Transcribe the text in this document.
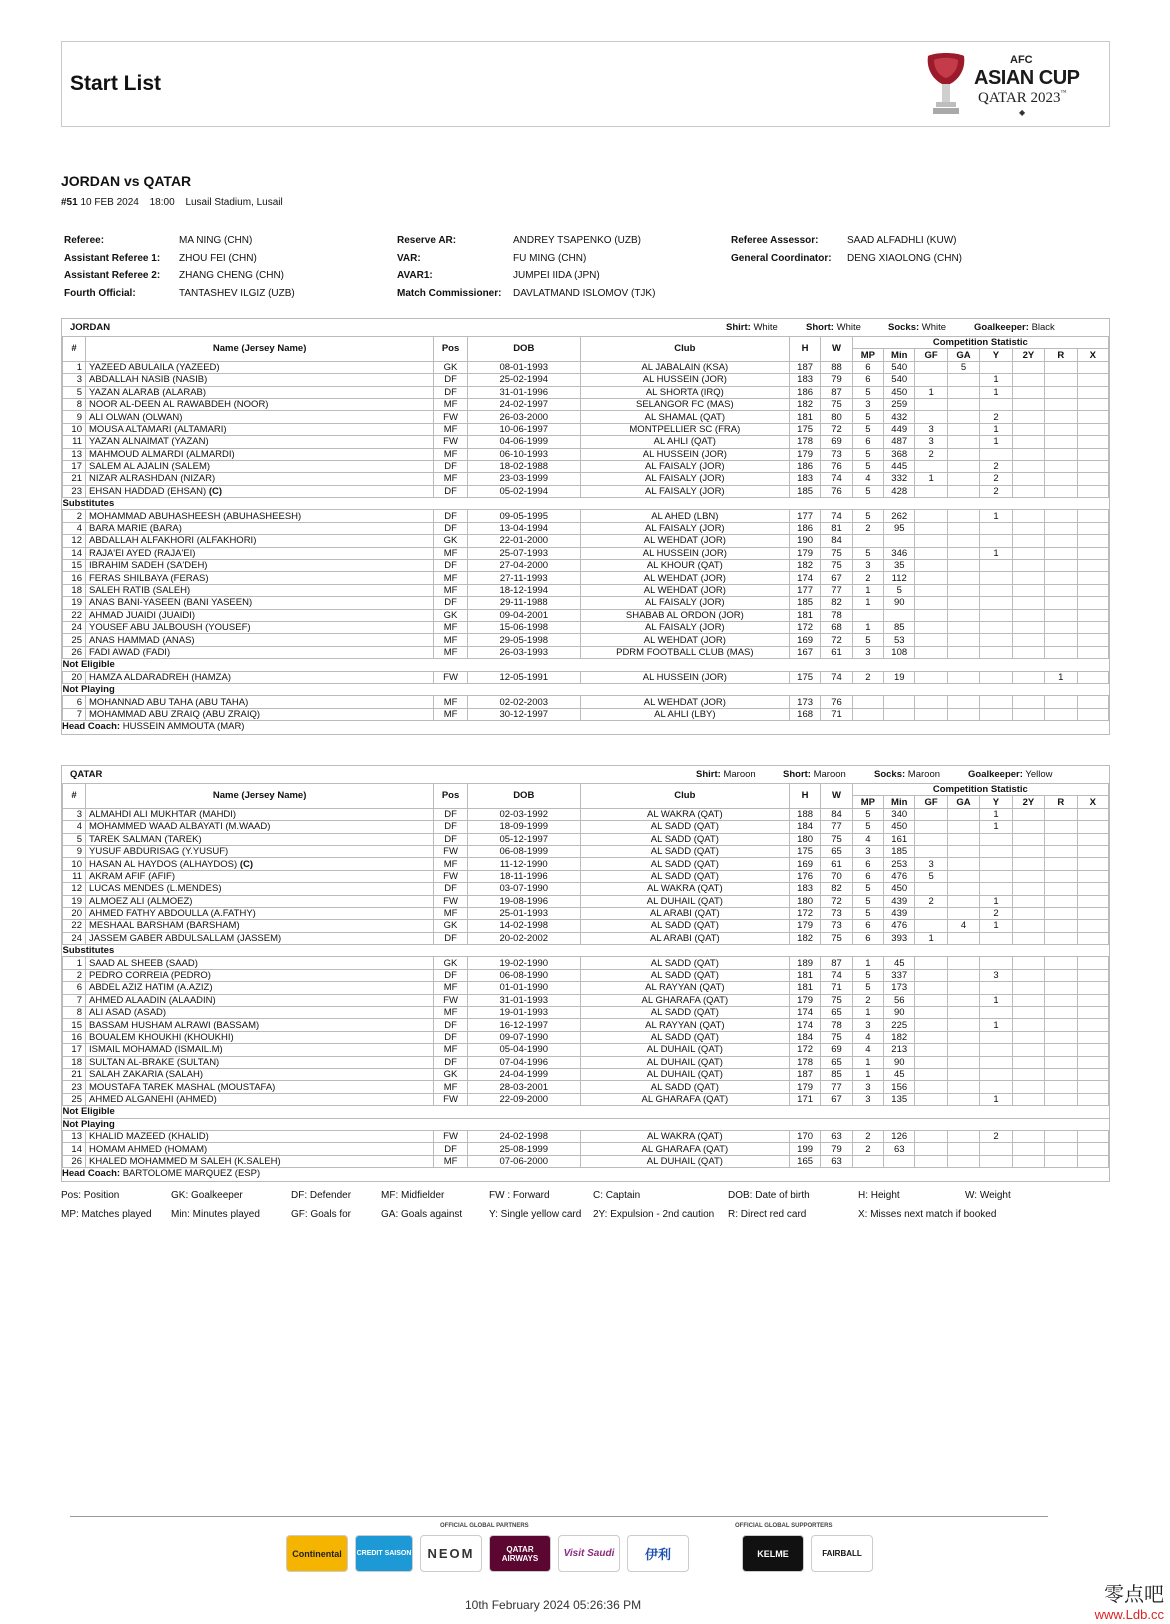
Start List
AFC
ASIAN CUP
QATAR 2023™
◆
JORDAN vs QATAR
#51 10 FEB 2024 18:00 Lusail Stadium, Lusail
Referee:	MA NING (CHN)
Assistant Referee 1: ZHOU FEI (CHN)
Assistant Referee 2: ZHANG CHENG (CHN)
Fourth Official:	TANTASHEV ILGIZ (UZB)
Reserve AR:	ANDREY TSAPENKO (UZB)
VAR:	FU MING (CHN)
AVAR1:	JUMPEI IIDA (JPN)
Match Commissioner: DAVLATMAND ISLOMOV (TJK)
Referee Assessor:	SAAD ALFADHLI (KUW)
General Coordinator: DENG XIAOLONG (CHN)
JORDAN	Shirt: White	Short: White	Socks: White	Goalkeeper: Black
#	Name (Jersey Name)	Pos	DOB	Club	H	W	Competition Statistic							
							MP	Min	GF	GA	Y	2Y	R	X
1	YAZEED ABULAILA (YAZEED)	GK	08-01-1993	AL JABALAIN (KSA)	187	88	6	540		5				
3	ABDALLAH NASIB (NASIB)	DF	25-02-1994	AL HUSSEIN (JOR)	183	79	6	540			1			
5	YAZAN ALARAB (ALARAB)	DF	31-01-1996	AL SHORTA (IRQ)	186	87	5	450	1		1			
8	NOOR AL-DEEN AL RAWABDEH (NOOR)	MF	24-02-1997	SELANGOR FC (MAS)	182	75	3	259						
9	ALI OLWAN (OLWAN)	FW	26-03-2000	AL SHAMAL (QAT)	181	80	5	432			2			
10	MOUSA ALTAMARI (ALTAMARI)	MF	10-06-1997	MONTPELLIER SC (FRA)	175	72	5	449	3		1			
11	YAZAN ALNAIMAT (YAZAN)	FW	04-06-1999	AL AHLI (QAT)	178	69	6	487	3		1			
13	MAHMOUD ALMARDI (ALMARDI)	MF	06-10-1993	AL HUSSEIN (JOR)	179	73	5	368	2					
17	SALEM AL AJALIN (SALEM)	DF	18-02-1988	AL FAISALY (JOR)	186	76	5	445			2			
21	NIZAR ALRASHDAN (NIZAR)	MF	23-03-1999	AL FAISALY (JOR)	183	74	4	332	1		2			
23	EHSAN HADDAD (EHSAN) (C)	DF	05-02-1994	AL FAISALY (JOR)	185	76	5	428			2			
Substitutes														
2	MOHAMMAD ABUHASHEESH (ABUHASHEESH)	DF	09-05-1995	AL AHED (LBN)	177	74	5	262			1			
4	BARA MARIE (BARA)	DF	13-04-1994	AL FAISALY (JOR)	186	81	2	95						
12	ABDALLAH ALFAKHORI (ALFAKHORI)	GK	22-01-2000	AL WEHDAT (JOR)	190	84								
14	RAJA'EI AYED (RAJA'EI)	MF	25-07-1993	AL HUSSEIN (JOR)	179	75	5	346			1			
15	IBRAHIM SADEH (SA'DEH)	DF	27-04-2000	AL KHOUR (QAT)	182	75	3	35						
16	FERAS SHILBAYA (FERAS)	MF	27-11-1993	AL WEHDAT (JOR)	174	67	2	112						
18	SALEH RATIB (SALEH)	MF	18-12-1994	AL WEHDAT (JOR)	177	77	1	5						
19	ANAS BANI-YASEEN (BANI YASEEN)	DF	29-11-1988	AL FAISALY (JOR)	185	82	1	90						
22	AHMAD JUAIDI (JUAIDI)	GK	09-04-2001	SHABAB AL ORDON (JOR)	181	78								
24	YOUSEF ABU JALBOUSH (YOUSEF)	MF	15-06-1998	AL FAISALY (JOR)	172	68	1	85						
25	ANAS HAMMAD (ANAS)	MF	29-05-1998	AL WEHDAT (JOR)	169	72	5	53						
26	FADI AWAD (FADI)	MF	26-03-1993	PDRM FOOTBALL CLUB (MAS)	167	61	3	108						
Not Eligible														
20	HAMZA ALDARADREH (HAMZA)	FW	12-05-1991	AL HUSSEIN (JOR)	175	74	2	19					1	
Not Playing														
6	MOHANNAD ABU TAHA (ABU TAHA)	MF	02-02-2003	AL WEHDAT (JOR)	173	76								
7	MOHAMMAD ABU ZRAIQ (ABU ZRAIQ)	MF	30-12-1997	AL AHLI (LBY)	168	71								
Head Coach: HUSSEIN AMMOUTA (MAR)
QATAR	Shirt: Maroon	Short: Maroon	Socks: Maroon	Goalkeeper: Yellow
#	Name (Jersey Name)	Pos	DOB	Club	H	W	Competition Statistic							
							MP	Min	GF	GA	Y	2Y	R	X
3	ALMAHDI ALI MUKHTAR (MAHDI)	DF	02-03-1992	AL WAKRA (QAT)	188	84	5	340			1			
4	MOHAMMED WAAD ALBAYATI (M.WAAD)	DF	18-09-1999	AL SADD (QAT)	184	77	5	450			1			
5	TAREK SALMAN (TAREK)	DF	05-12-1997	AL SADD (QAT)	180	75	4	161						
9	YUSUF ABDURISAG (Y.YUSUF)	FW	06-08-1999	AL SADD (QAT)	175	65	3	185						
10	HASAN AL HAYDOS (ALHAYDOS) (C)	MF	11-12-1990	AL SADD (QAT)	169	61	6	253	3					
11	AKRAM AFIF (AFIF)	FW	18-11-1996	AL SADD (QAT)	176	70	6	476	5					
12	LUCAS MENDES (L.MENDES)	DF	03-07-1990	AL WAKRA (QAT)	183	82	5	450						
19	ALMOEZ ALI (ALMOEZ)	FW	19-08-1996	AL DUHAIL (QAT)	180	72	5	439	2		1			
20	AHMED FATHY ABDOULLA (A.FATHY)	MF	25-01-1993	AL ARABI (QAT)	172	73	5	439			2			
22	MESHAAL BARSHAM (BARSHAM)	GK	14-02-1998	AL SADD (QAT)	179	73	6	476		4	1			
24	JASSEM GABER ABDULSALLAM (JASSEM)	DF	20-02-2002	AL ARABI (QAT)	182	75	6	393	1					
Substitutes														
1	SAAD AL SHEEB (SAAD)	GK	19-02-1990	AL SADD (QAT)	189	87	1	45						
2	PEDRO CORREIA (PEDRO)	DF	06-08-1990	AL SADD (QAT)	181	74	5	337			3			
6	ABDEL AZIZ HATIM (A.AZIZ)	MF	01-01-1990	AL RAYYAN (QAT)	181	71	5	173						
7	AHMED ALAADIN (ALAADIN)	FW	31-01-1993	AL GHARAFA (QAT)	179	75	2	56			1			
8	ALI ASAD (ASAD)	MF	19-01-1993	AL SADD (QAT)	174	65	1	90						
15	BASSAM HUSHAM ALRAWI (BASSAM)	DF	16-12-1997	AL RAYYAN (QAT)	174	78	3	225			1			
16	BOUALEM KHOUKHI (KHOUKHI)	DF	09-07-1990	AL SADD (QAT)	184	75	4	182						
17	ISMAIL MOHAMAD (ISMAIL.M)	MF	05-04-1990	AL DUHAIL (QAT)	172	69	4	213						
18	SULTAN AL-BRAKE (SULTAN)	DF	07-04-1996	AL DUHAIL (QAT)	178	65	1	90						
21	SALAH ZAKARIA (SALAH)	GK	24-04-1999	AL DUHAIL (QAT)	187	85	1	45						
23	MOUSTAFA TAREK MASHAL (MOUSTAFA)	MF	28-03-2001	AL SADD (QAT)	179	77	3	156						
25	AHMED ALGANEHI (AHMED)	FW	22-09-2000	AL GHARAFA (QAT)	171	67	3	135			1			
Not Eligible														
Not Playing														
13	KHALID MAZEED (KHALID)	FW	24-02-1998	AL WAKRA (QAT)	170	63	2	126			2			
14	HOMAM AHMED (HOMAM)	DF	25-08-1999	AL GHARAFA (QAT)	199	79	2	63						
26	KHALED MOHAMMED M SALEH (K.SALEH)	MF	07-06-2000	AL DUHAIL (QAT)	165	63								
Head Coach: BARTOLOME MARQUEZ (ESP)
Pos: Position	GK: Goalkeeper	DF: Defender	MF: Midfielder	FW : Forward	C: Captain	DOB: Date of birth	H: Height	W: Weight
MP: Matches played Min: Minutes played	GF: Goals for	GA: Goals against	Y: Single yellow card 2Y: Expulsion - 2nd caution R: Direct red card	X: Misses next match if booked
OFFICIAL GLOBAL PARTNERS	OFFICIAL GLOBAL SUPPORTERS
Continental	CREDIT SAISON	NEOM	QATAR AIRWAYS	Visit Saudi	伊利	KELME	FAIRBALL
10th February 2024 05:26:36 PM	零点吧
www.Ldb.cc
